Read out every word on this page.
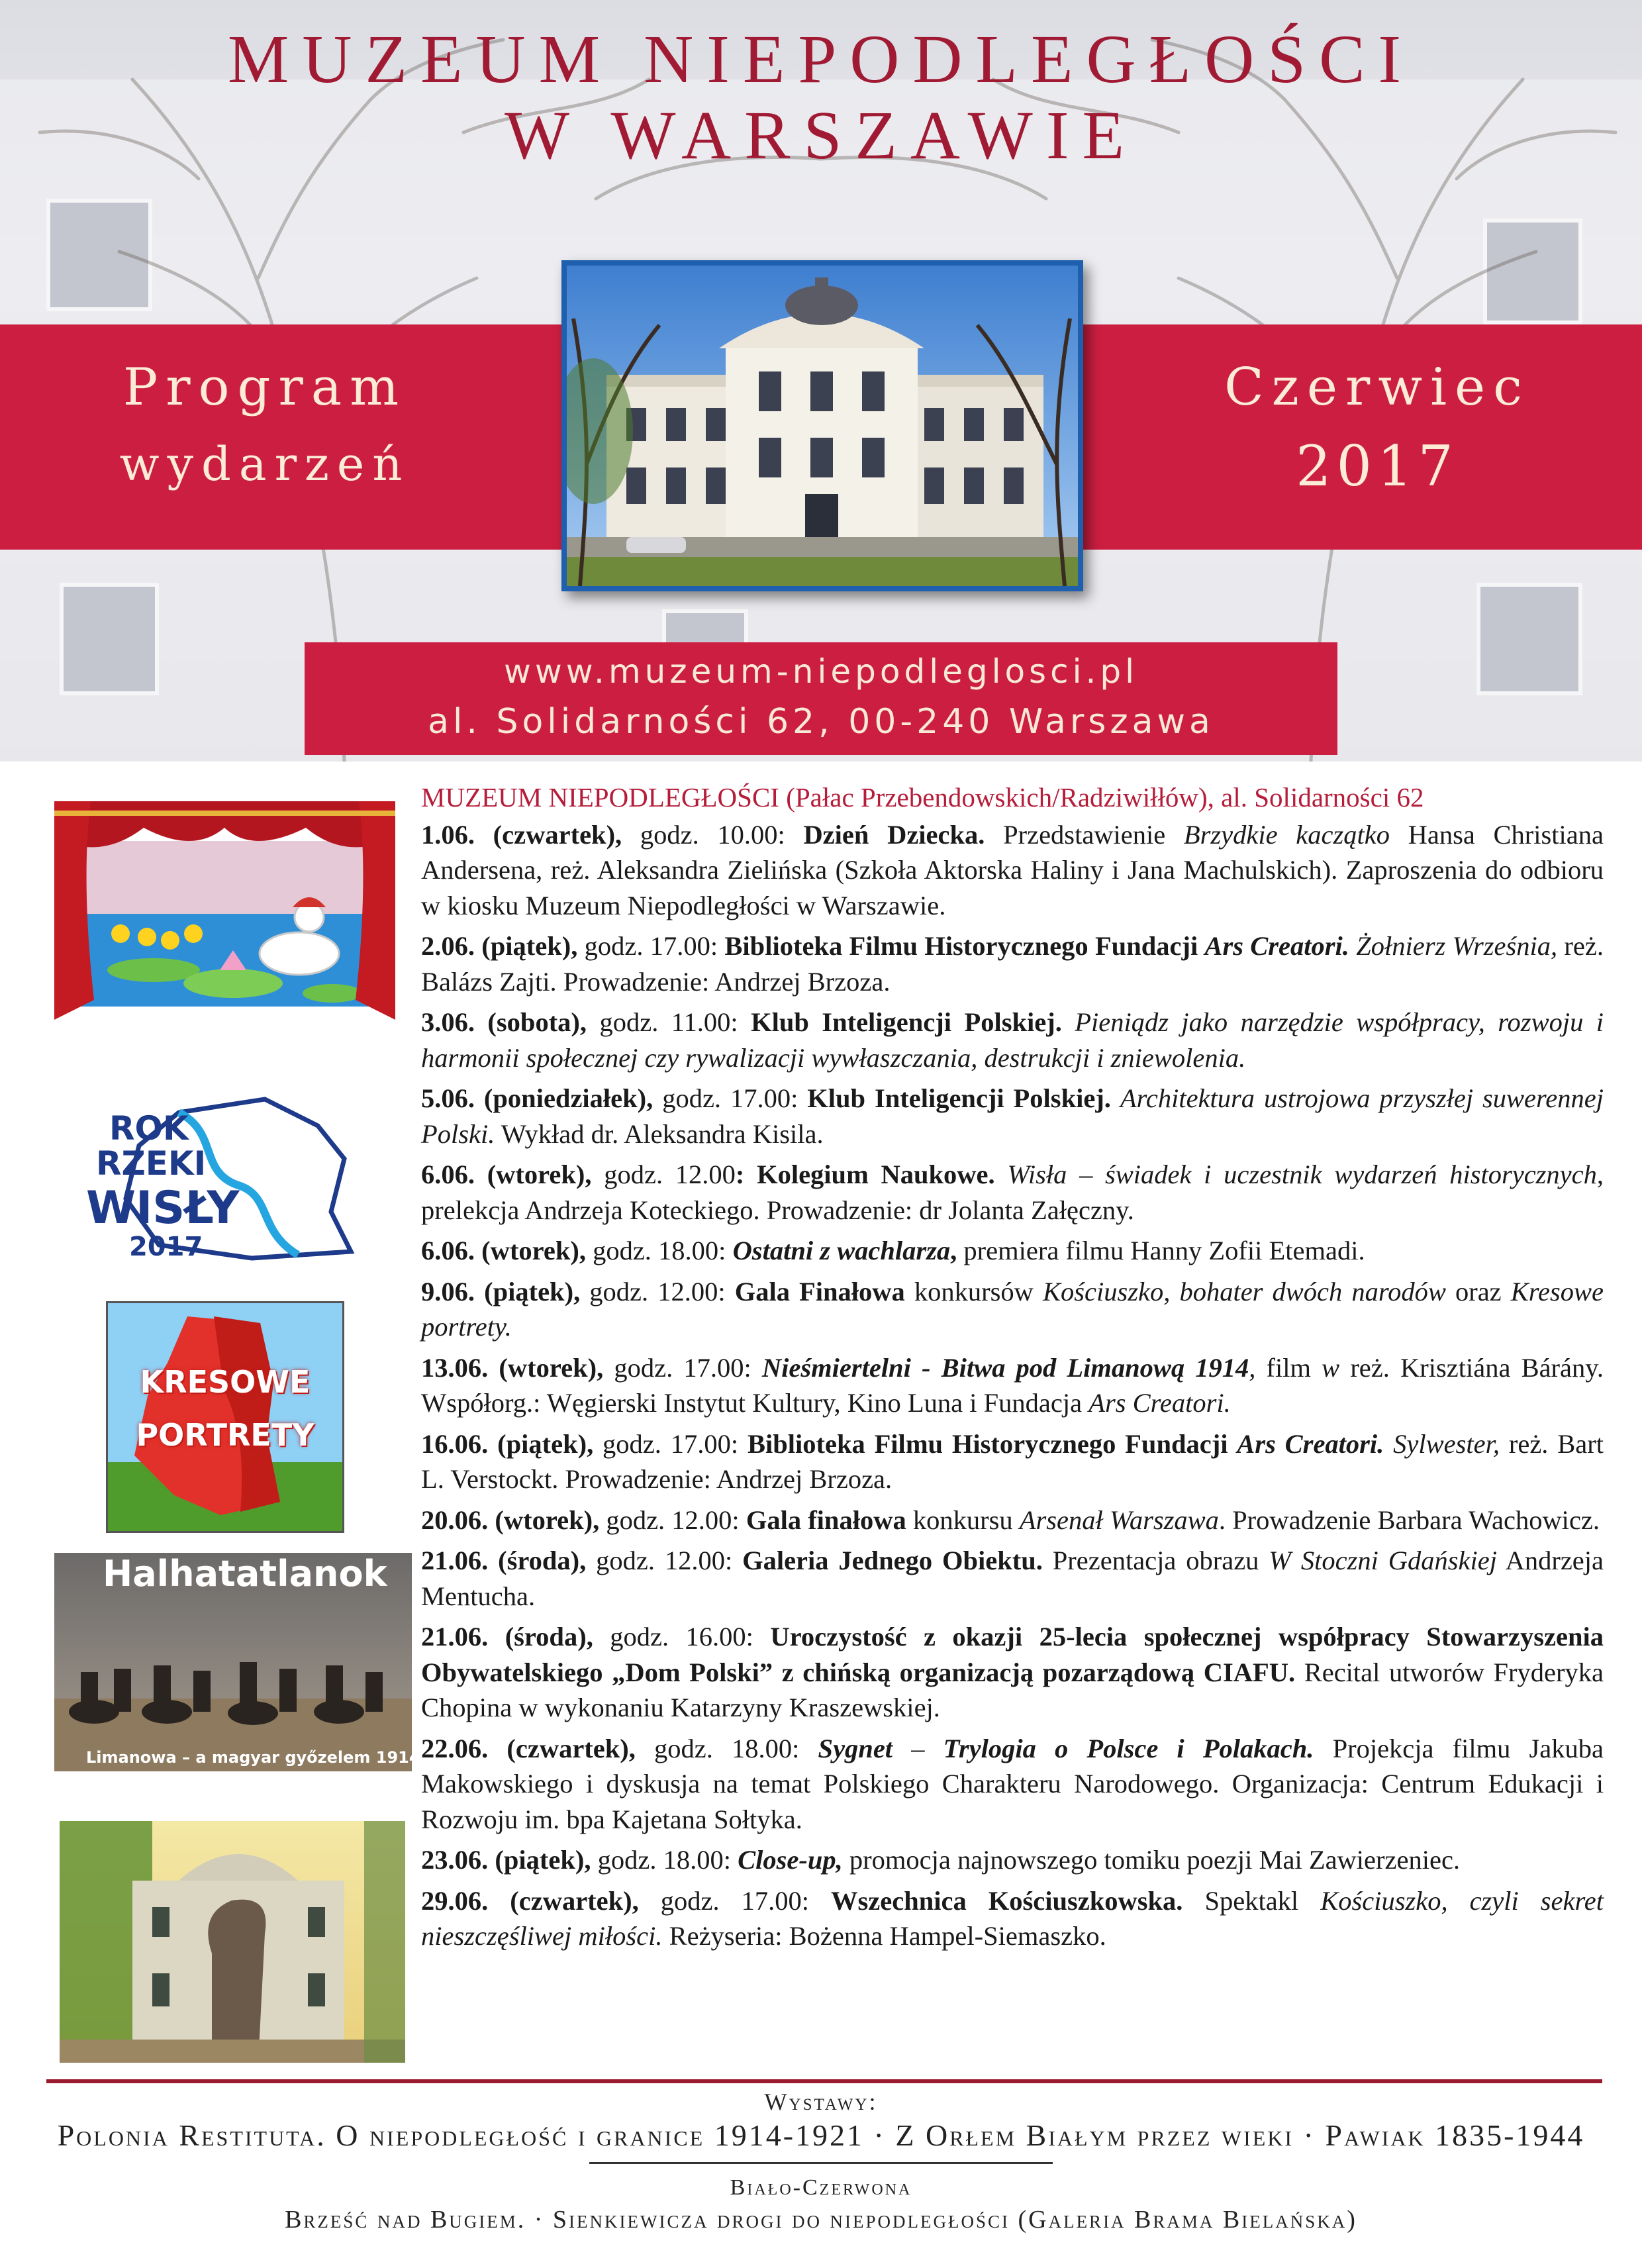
MUZEUM NIEPODLEGŁOŚCI
W WARSZAWIE
Program
wydarzeń
Czerwiec
2017
www.muzeum-niepodleglosci.pl
al. Solidarności 62, 00-240 Warszawa
ROK
RZEKI
WISŁY
2017
KRESOWE
PORTRETY
Halhatatlanok
Limanowa – a magyar győzelem 1914
MUZEUM NIEPODLEGŁOŚCI (Pałac Przebendowskich/Radziwiłłów), al. Solidarności 62

1.06. (czwartek), godz. 10.00: Dzień Dziecka. Przedstawienie Brzydkie kaczątko Hansa Christiana Andersena, reż. Aleksandra Zielińska (Szkoła Aktorska Haliny i Jana Machulskich). Zaproszenia do odbioru w kiosku Muzeum Niepodległości w Warszawie.

2.06. (piątek), godz. 17.00: Biblioteka Filmu Historycznego Fundacji Ars Creatori. Żołnierz Września, reż. Balázs Zajti. Prowadzenie: Andrzej Brzoza.

3.06. (sobota), godz. 11.00: Klub Inteligencji Polskiej. Pieniądz jako narzędzie współpracy, rozwoju i harmonii społecznej czy rywalizacji wywłaszczania, destrukcji i zniewolenia.

5.06. (poniedziałek), godz. 17.00: Klub Inteligencji Polskiej. Architektura ustrojowa przyszłej suwerennej Polski. Wykład dr. Aleksandra Kisila.

6.06. (wtorek), godz. 12.00: Kolegium Naukowe. Wisła – świadek i uczestnik wydarzeń historycznych, prelekcja Andrzeja Koteckiego. Prowadzenie: dr Jolanta Załęczny.

6.06. (wtorek), godz. 18.00: Ostatni z wachlarza, premiera filmu Hanny Zofii Etemadi.

9.06. (piątek), godz. 12.00: Gala Finałowa konkursów Kościuszko, bohater dwóch narodów oraz Kresowe portrety.

13.06. (wtorek), godz. 17.00: Nieśmiertelni - Bitwa pod Limanową 1914, film w reż. Krisztiána Bárány. Współorg.: Węgierski Instytut Kultury, Kino Luna i Fundacja Ars Creatori.

16.06. (piątek), godz. 17.00: Biblioteka Filmu Historycznego Fundacji Ars Creatori. Sylwester, reż. Bart L. Verstockt. Prowadzenie: Andrzej Brzoza.

20.06. (wtorek), godz. 12.00: Gala finałowa konkursu Arsenał Warszawa. Prowadzenie Barbara Wachowicz.

21.06. (środa), godz. 12.00: Galeria Jednego Obiektu. Prezentacja obrazu W Stoczni Gdańskiej Andrzeja Mentucha.

21.06. (środa), godz. 16.00: Uroczystość z okazji 25-lecia społecznej współpracy Stowarzyszenia Obywatelskiego „Dom Polski” z chińską organizacją pozarządową CIAFU. Recital utworów Fryderyka Chopina w wykonaniu Katarzyny Kraszewskiej.

22.06. (czwartek), godz. 18.00: Sygnet – Trylogia o Polsce i Polakach. Projekcja filmu Jakuba Makowskiego i dyskusja na temat Polskiego Charakteru Narodowego. Organizacja: Centrum Edukacji i Rozwoju im. bpa Kajetana Sołtyka.

23.06. (piątek), godz. 18.00: Close-up, promocja najnowszego tomiku poezji Mai Zawierzeniec.

29.06. (czwartek), godz. 17.00: Wszechnica Kościuszkowska. Spektakl Kościuszko, czyli sekret nieszczęśliwej miłości. Reżyseria: Bożenna Hampel-Siemaszko.

Wystawy:
Polonia Restituta. O niepodległość i granice 1914-1921 · Z Orłem Białym przez wieki · Pawiak 1835-1944
Biało-Czerwona
Brześć nad Bugiem. · Sienkiewicza drogi do niepodległości (Galeria Brama Bielańska)
